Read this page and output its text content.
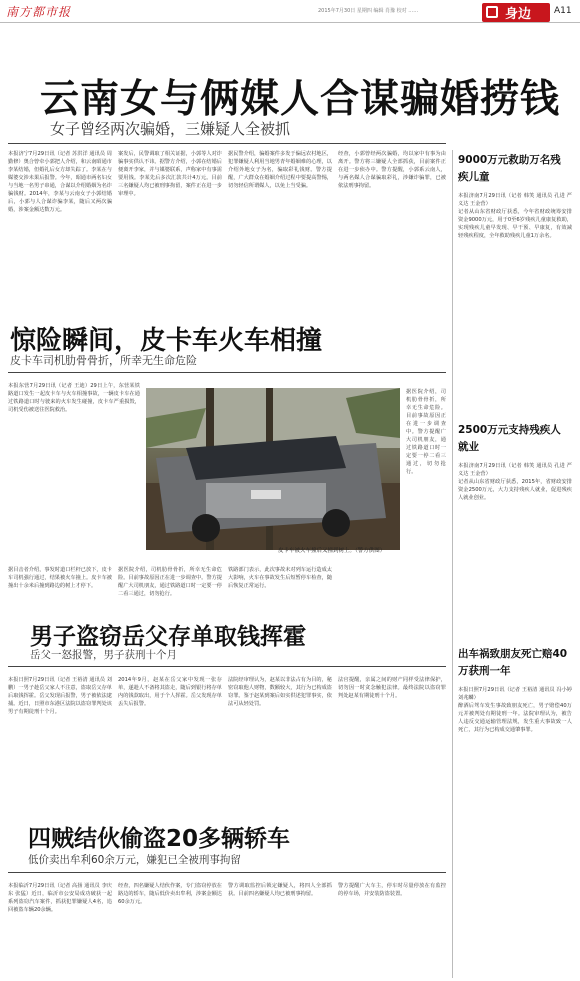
南方都市报	2015年7月30日 星期四 编辑 肖豫 校对 ……	身边	A11
云南女与俩媒人合谋骗婚捞钱
女子曾经两次骗婚，三嫌疑人全被抓
本报济宁7月29日讯（记者 苏洪洋 通讯员 周勤修）奥合曾牵小郭把人介绍，和云南昭通市李某结婚，但婚礼后女方却失踪了。李某在与媒婆交涉未果后报警。今年，昭通市两名妇女与当地一名男子串通，合谋以介绍婚姻为名诈骗钱财。2014年，李某与云南女子小郭结婚后，小郭与人合谋诈骗李某，随后又两次骗婚，涉案金额达数万元。
案发后，民警调取了相关证据，小郭等人对诈骗事实供认不讳。据警方介绍，小郭在结婚后便离开李家，并与媒婆联系，声称家中有事需要用钱。李某先后多次汇款共计4万元。目前三名嫌疑人均已被刑事拘留，案件正在进一步审理中。
据民警介绍，骗婚案件多发于偏远农村地区，犯罪嫌疑人利用当地男青年婚姻难的心理，以介绍外地女子为名，骗取彩礼钱财。警方提醒，广大群众在婚姻介绍过程中要提高警惕，切勿轻信所谓媒人，以免上当受骗。
经查，小郭曾经两次骗婚，均以家中有事为由离开。警方将三嫌疑人全部抓获，目前案件正在进一步侦办中。警方提醒，小郭系云南人，与两名媒人合谋骗取彩礼，涉嫌诈骗罪，已被依法刑事拘留。
惊险瞬间，皮卡车火车相撞
皮卡车司机肋骨骨折，所幸无生命危险
本报东营7月29日讯（记者 王迪）29日上午，东营某铁路道口发生一起皮卡车与火车相撞事故，一辆皮卡车在通过铁路道口时与驶来的火车发生碰撞，皮卡车严重损毁，司机受伤被送往医院救治。
皮卡车被火车撞后又撞到树上。（警方供图）
据目击者介绍，事发时道口栏杆已放下，皮卡车司机强行通过，结果被火车撞上。皮卡车被撞出十余米后撞到路边的树上才停下。
据医院介绍，司机肋骨骨折，所幸无生命危险。目前事故原因正在进一步调查中。警方提醒广大司机朋友，通过铁路道口时一定要一停二看三通过，切勿抢行。
铁路部门表示，此次事故未对列车运行造成太大影响，火车在事故发生后短暂停车检查，随后恢复正常运行。
据医院介绍，司机肋骨骨折，所幸无生命危险。目前事故原因正在进一步调查中。警方提醒广大司机朋友，通过铁路道口时一定要一停二看三通过，切勿抢行。
男子盗窃岳父存单取钱挥霍
岳父一怒报警，男子获刑十个月
本报日照7月29日讯（记者 王裕清 通讯员 刘鹏）一男子趁岳父家人不注意，盗取岳父存单后取钱挥霍。岳父发现后报警，男子被依法逮捕。近日，日照市东港区法院以盗窃罪判处该男子有期徒刑十个月。
2014年9月，赵某在岳父家中发现一张存单，遂趁人不备将其盗走，随后到银行将存单内的钱款取出，用于个人挥霍。岳父发现存单丢失后报警。
法院经审理认为，赵某以非法占有为目的，秘密窃取他人财物，数额较大，其行为已构成盗窃罪。鉴于赵某到案后如实供述犯罪事实，依法可从轻处罚。
法官提醒，亲属之间的财产同样受法律保护，切勿因一时贪念触犯法律。最终法院以盗窃罪判处赵某有期徒刑十个月。
四贼结伙偷盗20多辆轿车
低价卖出牟利60余万元，嫌犯已全被刑事拘留
本报临沂7月29日讯（记者 高扬 通讯员 李庆东 张猛）近日，临沂市公安局成功破获一起系列盗窃汽车案件，抓获犯罪嫌疑人4名，追回被盗车辆20余辆。
经查，四名嫌疑人结伙作案，专门盗窃停放在路边的轿车，随后低价卖出牟利，涉案金额达60余万元。
警方调取监控后锁定嫌疑人，将四人全部抓获。目前四名嫌疑人均已被刑事拘留。
警方提醒广大车主，停车时尽量停放在有监控的停车场，并安装防盗装置。
9000万元救助万名残疾儿童
本报济南7月29日讯（记者 韩笑 通讯员 孔进 严义达 王金营）
记者从山东省财政厅获悉，今年省财政统筹安排资金9000万元，用于0至6岁残疾儿童康复救助，实现残疾儿童早发现、早干预、早康复，有效减轻残疾程度，全年救助残疾儿童1万余名。
2500万元支持残疾人就业
本报济南7月29日讯（记者 韩笑 通讯员 孔进 严义达 王金营）
记者从山东省财政厅获悉，2015年，省财政安排资金2500万元，大力支持残疾人就业，促进残疾人就业创业。
出车祸致朋友死亡赔40万获刑一年
本报日照7月29日讯（记者 王裕清 通讯员 冯小婷 刘兆麟）
醉酒后驾车发生事故致朋友死亡，男子赔偿40万元并被判处有期徒刑一年。法院审理认为，被告人违反交通运输管理法规，发生重大事故致一人死亡，其行为已构成交通肇事罪。
